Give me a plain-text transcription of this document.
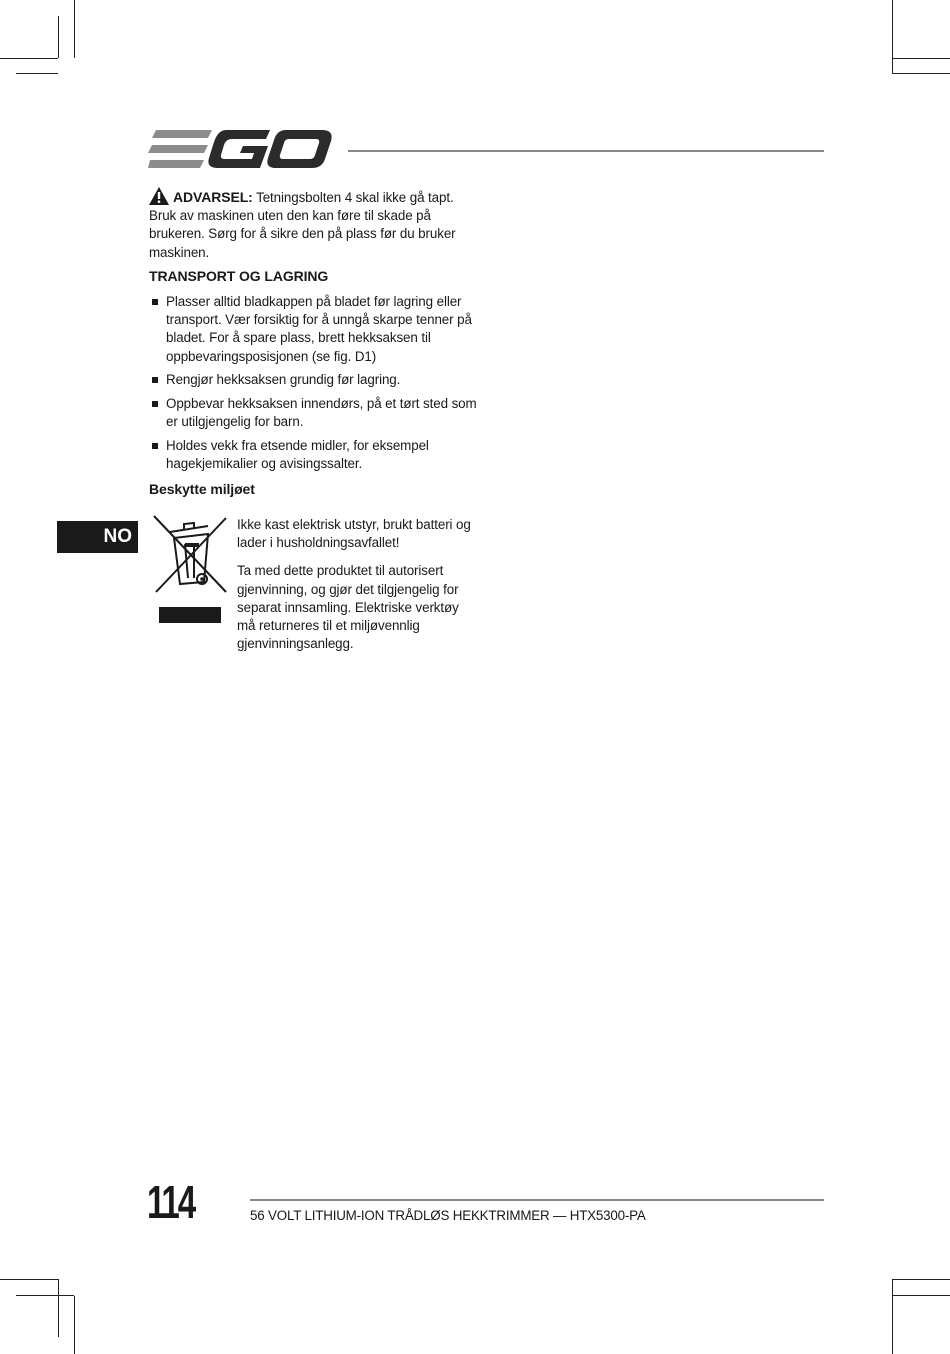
ADVARSEL: Tetningsbolten 4 skal ikke gå tapt. Bruk av maskinen uten den kan føre til skade på brukeren. Sørg for å sikre den på plass før du bruker maskinen.
TRANSPORT OG LAGRING
Plasser alltid bladkappen på bladet før lagring eller transport. Vær forsiktig for å unngå skarpe tenner på bladet. For å spare plass, brett hekksaksen til oppbevaringsposisjonen (se fig. D1)
Rengjør hekksaksen grundig før lagring.
Oppbevar hekksaksen innendørs, på et tørt sted som er utilgjengelig for barn.
Holdes vekk fra etsende midler, for eksempel hagekjemikalier og avisingssalter.
Beskytte miljøet

Ikke kast elektrisk utstyr, brukt batteri og lader i husholdningsavfallet!

Ta med dette produktet til autorisert gjenvinning, og gjør det tilgjengelig for separat innsamling. Elektriske verktøy må returneres til et miljøvennlig gjenvinningsanlegg.

NO
114	56 VOLT LITHIUM-ION TRÅDLØS HEKKTRIMMER — HTX5300-PA
